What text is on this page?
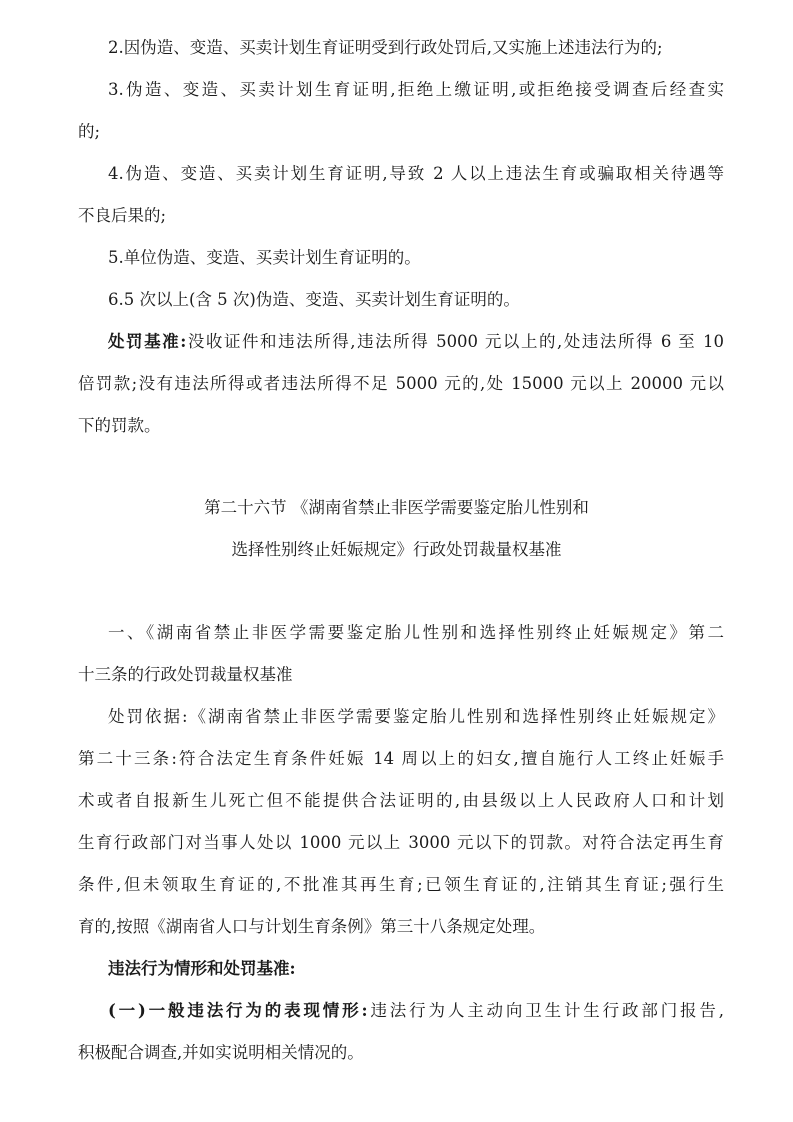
2.因伪造、变造、买卖计划生育证明受到行政处罚后,又实施上述违法行为的;
3.伪造、变造、买卖计划生育证明,拒绝上缴证明,或拒绝接受调查后经查实
的;
4.伪造、变造、买卖计划生育证明,导致 2 人以上违法生育或骗取相关待遇等
不良后果的;
5.单位伪造、变造、买卖计划生育证明的。
6.5 次以上(含 5 次)伪造、变造、买卖计划生育证明的。
处罚基准:没收证件和违法所得,违法所得 5000 元以上的,处违法所得 6 至 10
倍罚款;没有违法所得或者违法所得不足 5000 元的,处 15000 元以上 20000 元以
下的罚款。
第二十六节 《湖南省禁止非医学需要鉴定胎儿性别和
选择性别终止妊娠规定》行政处罚裁量权基准
一、《湖南省禁止非医学需要鉴定胎儿性别和选择性别终止妊娠规定》第二
十三条的行政处罚裁量权基准
处罚依据:《湖南省禁止非医学需要鉴定胎儿性别和选择性别终止妊娠规定》
第二十三条:符合法定生育条件妊娠 14 周以上的妇女,擅自施行人工终止妊娠手
术或者自报新生儿死亡但不能提供合法证明的,由县级以上人民政府人口和计划
生育行政部门对当事人处以 1000 元以上 3000 元以下的罚款。对符合法定再生育
条件,但未领取生育证的,不批准其再生育;已领生育证的,注销其生育证;强行生
育的,按照《湖南省人口与计划生育条例》第三十八条规定处理。
违法行为情形和处罚基准:
(一)一般违法行为的表现情形:违法行为人主动向卫生计生行政部门报告,
积极配合调查,并如实说明相关情况的。
